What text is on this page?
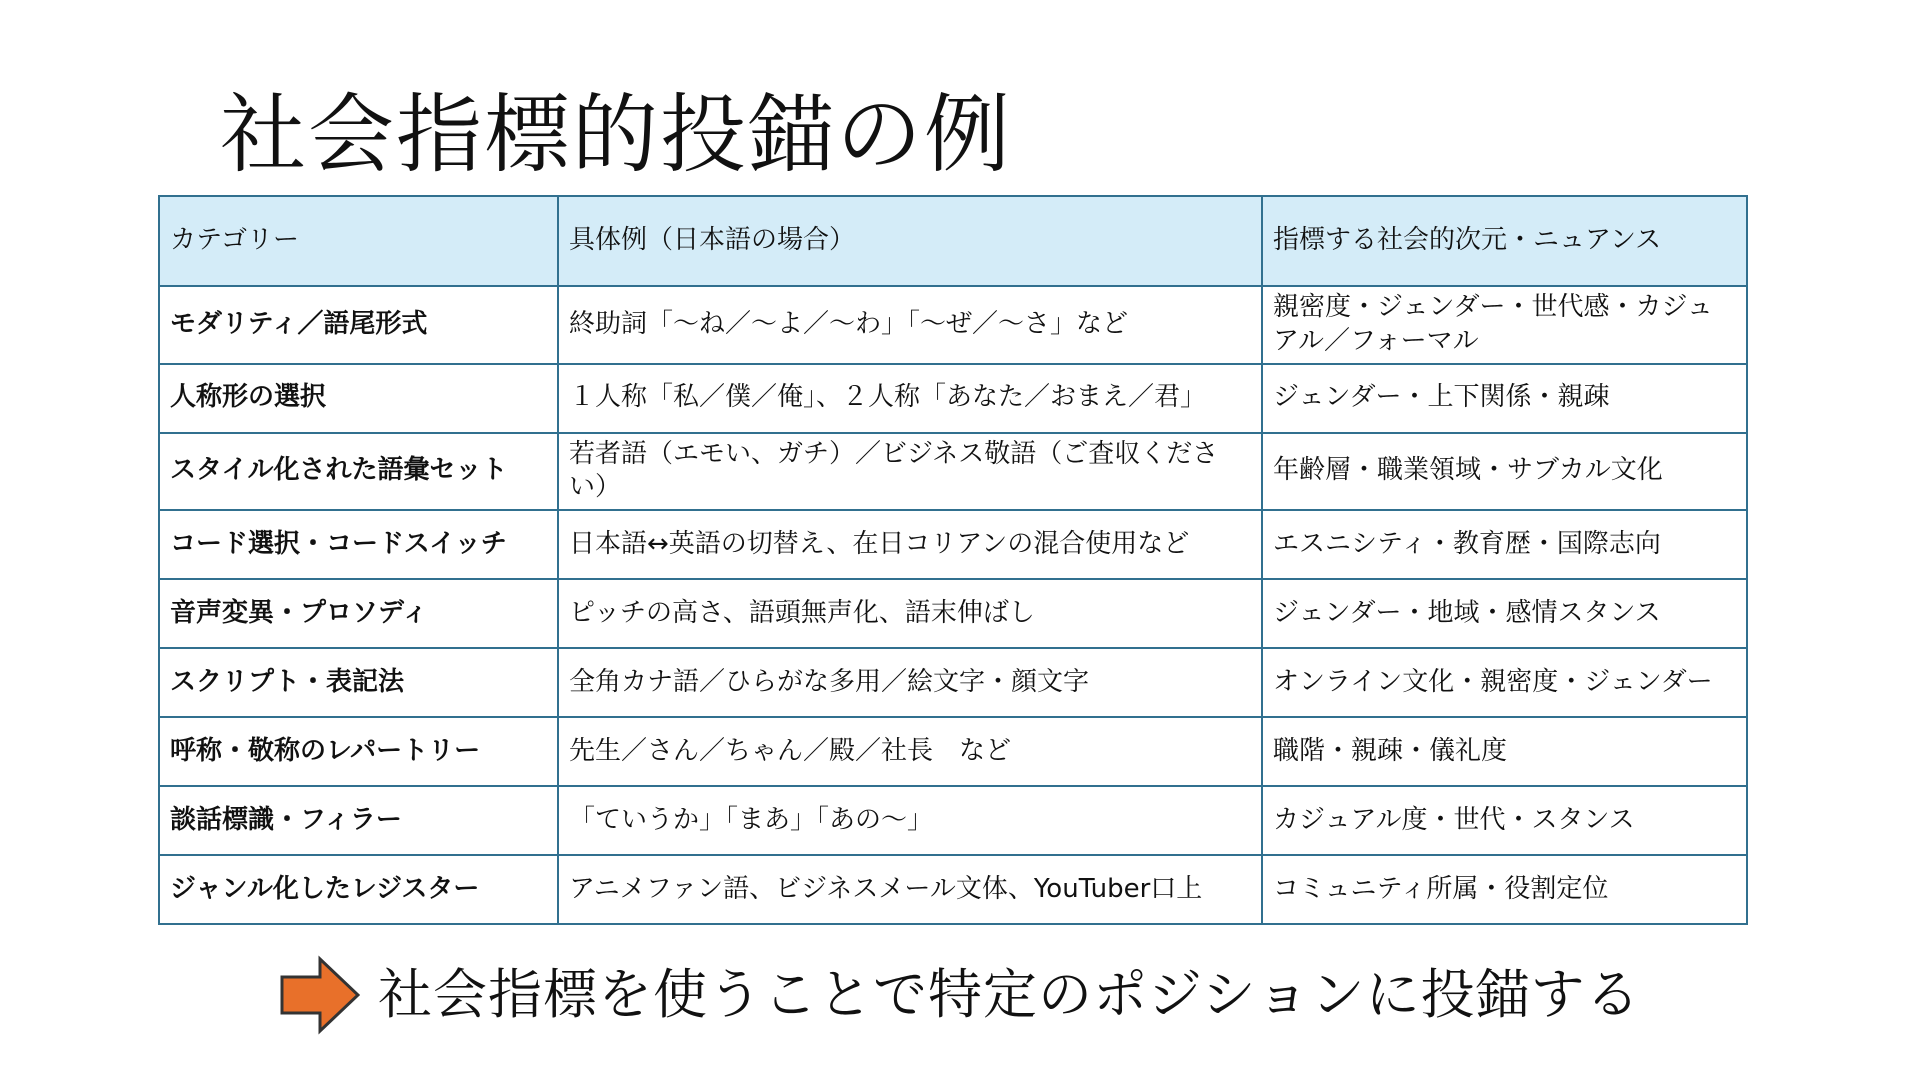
社会指標的投錨の例
カテゴリー	具体例（日本語の場合）	指標する社会的次元・ニュアンス
モダリティ／語尾形式	終助詞「〜ね／〜よ／〜わ」「〜ぜ／〜さ」など	親密度・ジェンダー・世代感・カジュアル／フォーマル
人称形の選択	１人称「私／僕／俺」、２人称「あなた／おまえ／君」	ジェンダー・上下関係・親疎
スタイル化された語彙セット	若者語（エモい、ガチ）／ビジネス敬語（ご査収ください）	年齢層・職業領域・サブカル文化
コード選択・コードスイッチ	日本語↔英語の切替え、在日コリアンの混合使用など	エスニシティ・教育歴・国際志向
音声変異・プロソディ	ピッチの高さ、語頭無声化、語末伸ばし	ジェンダー・地域・感情スタンス
スクリプト・表記法	全角カナ語／ひらがな多用／絵文字・顔文字	オンライン文化・親密度・ジェンダー
呼称・敬称のレパートリー	先生／さん／ちゃん／殿／社長　など	職階・親疎・儀礼度
談話標識・フィラー	「ていうか」「まあ」「あの〜」	カジュアル度・世代・スタンス
ジャンル化したレジスター	アニメファン語、ビジネスメール文体、YouTuber口上	コミュニティ所属・役割定位
社会指標を使うことで特定のポジションに投錨する
